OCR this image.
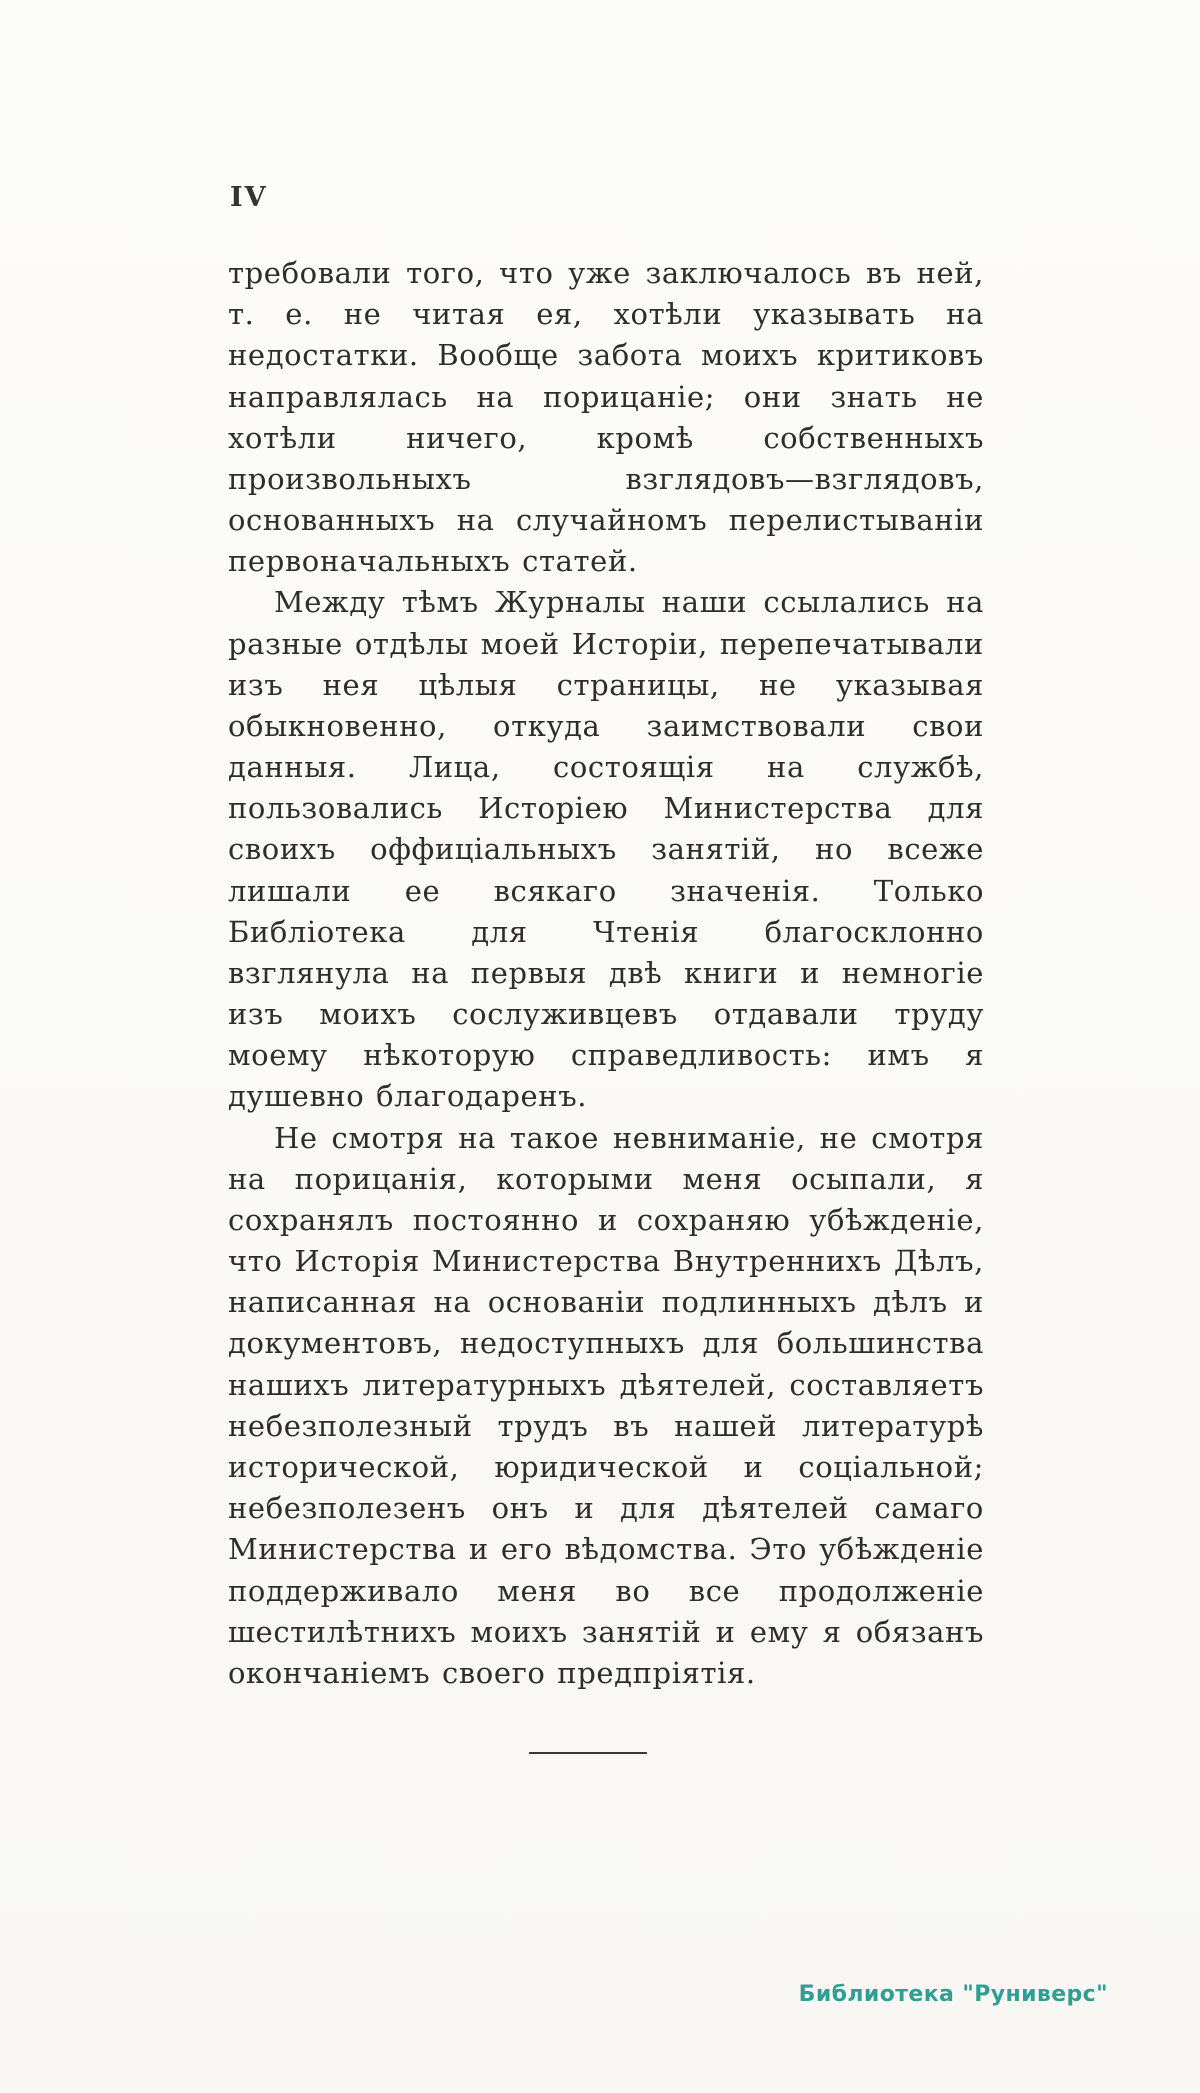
IV

требовали того, что уже заключалось въ ней, т. е. не читая ея, хотѣли указывать на недостатки. Вообще забота моихъ критиковъ направлялась на порицаніе; они знать не хотѣли ничего, кромѣ собственныхъ произвольныхъ взглядовъ—взглядовъ, основанныхъ на случайномъ перелистываніи первоначальныхъ статей.

Между тѣмъ Журналы наши ссылались на разные отдѣлы моей Исторіи, перепечатывали изъ нея цѣлыя страницы, не указывая обыкновенно, откуда заимствовали свои данныя. Лица, состоящія на службѣ, пользовались Исторіею Министерства для своихъ оффиціальныхъ занятій, но всеже лишали ее всякаго значенія. Только Библіотека для Чтенія благосклонно взглянула на первыя двѣ книги и немногіе изъ моихъ сослуживцевъ отдавали труду моему нѣкоторую справедливость: имъ я душевно благодаренъ.

Не смотря на такое невниманіе, не смотря на порицанія, которыми меня осыпали, я сохранялъ постоянно и сохраняю убѣжденіе, что Исторія Министерства Внутреннихъ Дѣлъ, написанная на основаніи подлинныхъ дѣлъ и документовъ, недоступныхъ для большинства нашихъ литературныхъ дѣятелей, составляетъ небезполезный трудъ въ нашей литературѣ исторической, юридической и соціальной; небезполезенъ онъ и для дѣятелей самаго Министерства и его вѣдомства. Это убѣжденіе поддерживало меня во все продолженіе шестилѣтнихъ моихъ занятій и ему я обязанъ окончаніемъ своего предпріятія.

Библиотека "Руниверс"
